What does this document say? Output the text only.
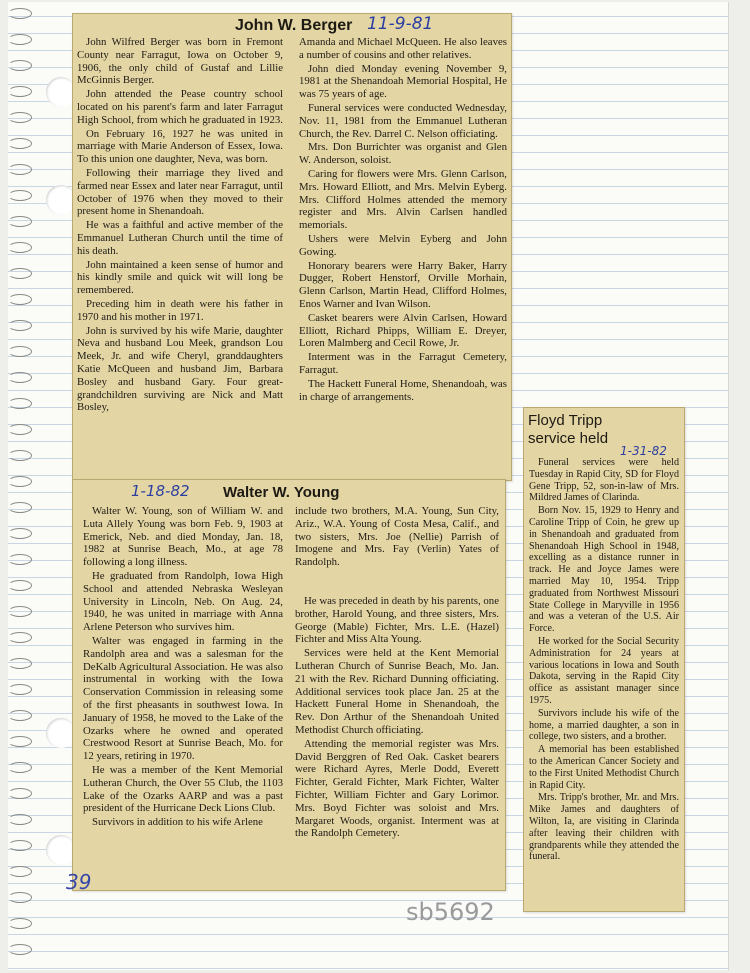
John W. Berger 11-9-81

John Wilfred Berger was born in Fremont County near Farragut, Iowa on October 9, 1906, the only child of Gustaf and Lillie McGinnis Berger.

John attended the Pease country school located on his parent's farm and later Farragut High School, from which he graduated in 1923.

On February 16, 1927 he was united in marriage with Marie Anderson of Essex, Iowa. To this union one daughter, Neva, was born.

Following their marriage they lived and farmed near Essex and later near Farragut, until October of 1976 when they moved to their present home in Shenandoah.

He was a faithful and active member of the Emmanuel Lutheran Church until the time of his death.

John maintained a keen sense of humor and his kindly smile and quick wit will long be remembered.

Preceding him in death were his father in 1970 and his mother in 1971.

John is survived by his wife Marie, daughter Neva and husband Lou Meek, grandson Lou Meek, Jr. and wife Cheryl, granddaughters Katie McQueen and husband Jim, Barbara Bosley and husband Gary. Four great-grandchildren surviving are Nick and Matt Bosley,

Amanda and Michael McQueen. He also leaves a number of cousins and other relatives.

John died Monday evening November 9, 1981 at the Shenandoah Memorial Hospital, He was 75 years of age.

Funeral services were conducted Wednesday, Nov. 11, 1981 from the Emmanuel Lutheran Church, the Rev. Darrel C. Nelson officiating.

Mrs. Don Burrichter was organist and Glen W. Anderson, soloist.

Caring for flowers were Mrs. Glenn Carlson, Mrs. Howard Elliott, and Mrs. Melvin Eyberg. Mrs. Clifford Holmes attended the memory register and Mrs. Alvin Carlsen handled memorials.

Ushers were Melvin Eyberg and John Gowing.

Honorary bearers were Harry Baker, Harry Dugger, Robert Henstorf, Orville Morhain, Glenn Carlson, Martin Head, Clifford Holmes, Enos Warner and Ivan Wilson.

Casket bearers were Alvin Carlsen, Howard Elliott, Richard Phipps, William E. Dreyer, Loren Malmberg and Cecil Rowe, Jr.

Interment was in the Farragut Cemetery, Farragut.

The Hackett Funeral Home, Shenandoah, was in charge of arrangements.

1-18-82 Walter W. Young

Walter W. Young, son of William W. and Luta Allely Young was born Feb. 9, 1903 at Emerick, Neb. and died Monday, Jan. 18, 1982 at Sunrise Beach, Mo., at age 78 following a long illness.

He graduated from Randolph, Iowa High School and attended Nebraska Wesleyan University in Lincoln, Neb. On Aug. 24, 1940, he was united in marriage with Anna Arlene Peterson who survives him.

Walter was engaged in farming in the Randolph area and was a salesman for the DeKalb Agricultural Association. He was also instrumental in working with the Iowa Conservation Commission in releasing some of the first pheasants in southwest Iowa. In January of 1958, he moved to the Lake of the Ozarks where he owned and operated Crestwood Resort at Sunrise Beach, Mo. for 12 years, retiring in 1970.

He was a member of the Kent Memorial Lutheran Church, the Over 55 Club, the 1103 Lake of the Ozarks AARP and was a past president of the Hurricane Deck Lions Club.

Survivors in addition to his wife Arlene

include two brothers, M.A. Young, Sun City, Ariz., W.A. Young of Costa Mesa, Calif., and two sisters, Mrs. Joe (Nellie) Parrish of Imogene and Mrs. Fay (Verlin) Yates of Randolph.

He was preceded in death by his parents, one brother, Harold Young, and three sisters, Mrs. George (Mable) Fichter, Mrs. L.E. (Hazel) Fichter and Miss Alta Young.

Services were held at the Kent Memorial Lutheran Church of Sunrise Beach, Mo. Jan. 21 with the Rev. Richard Dunning officiating. Additional services took place Jan. 25 at the Hackett Funeral Home in Shenandoah, the Rev. Don Arthur of the Shenandoah United Methodist Church officiating.

Attending the memorial register was Mrs. David Berggren of Red Oak. Casket bearers were Richard Ayres, Merle Dodd, Everett Fichter, Gerald Fichter, Mark Fichter, Walter Fichter, William Fichter and Gary Lorimor. Mrs. Boyd Fichter was soloist and Mrs. Margaret Woods, organist. Interment was at the Randolph Cemetery.

Floyd Tripp
service held
1-31-82

Funeral services were held Tuesday in Rapid City, SD for Floyd Gene Tripp, 52, son-in-law of Mrs. Mildred James of Clarinda.

Born Nov. 15, 1929 to Henry and Caroline Tripp of Coin, he grew up in Shenandoah and graduated from Shenandoah High School in 1948, excelling as a distance runner in track. He and Joyce James were married May 10, 1954. Tripp graduated from Northwest Missouri State College in Maryville in 1956 and was a veteran of the U.S. Air Force.

He worked for the Social Security Administration for 24 years at various locations in Iowa and South Dakota, serving in the Rapid City office as assistant manager since 1975.

Survivors include his wife of the home, a married daughter, a son in college, two sisters, and a brother.

A memorial has been established to the American Cancer Society and to the First United Methodist Church in Rapid City.

Mrs. Tripp's brother, Mr. and Mrs. Mike James and daughters of Wilton, Ia, are visiting in Clarinda after leaving their children with grandparents while they attended the funeral.

39
sb5692
